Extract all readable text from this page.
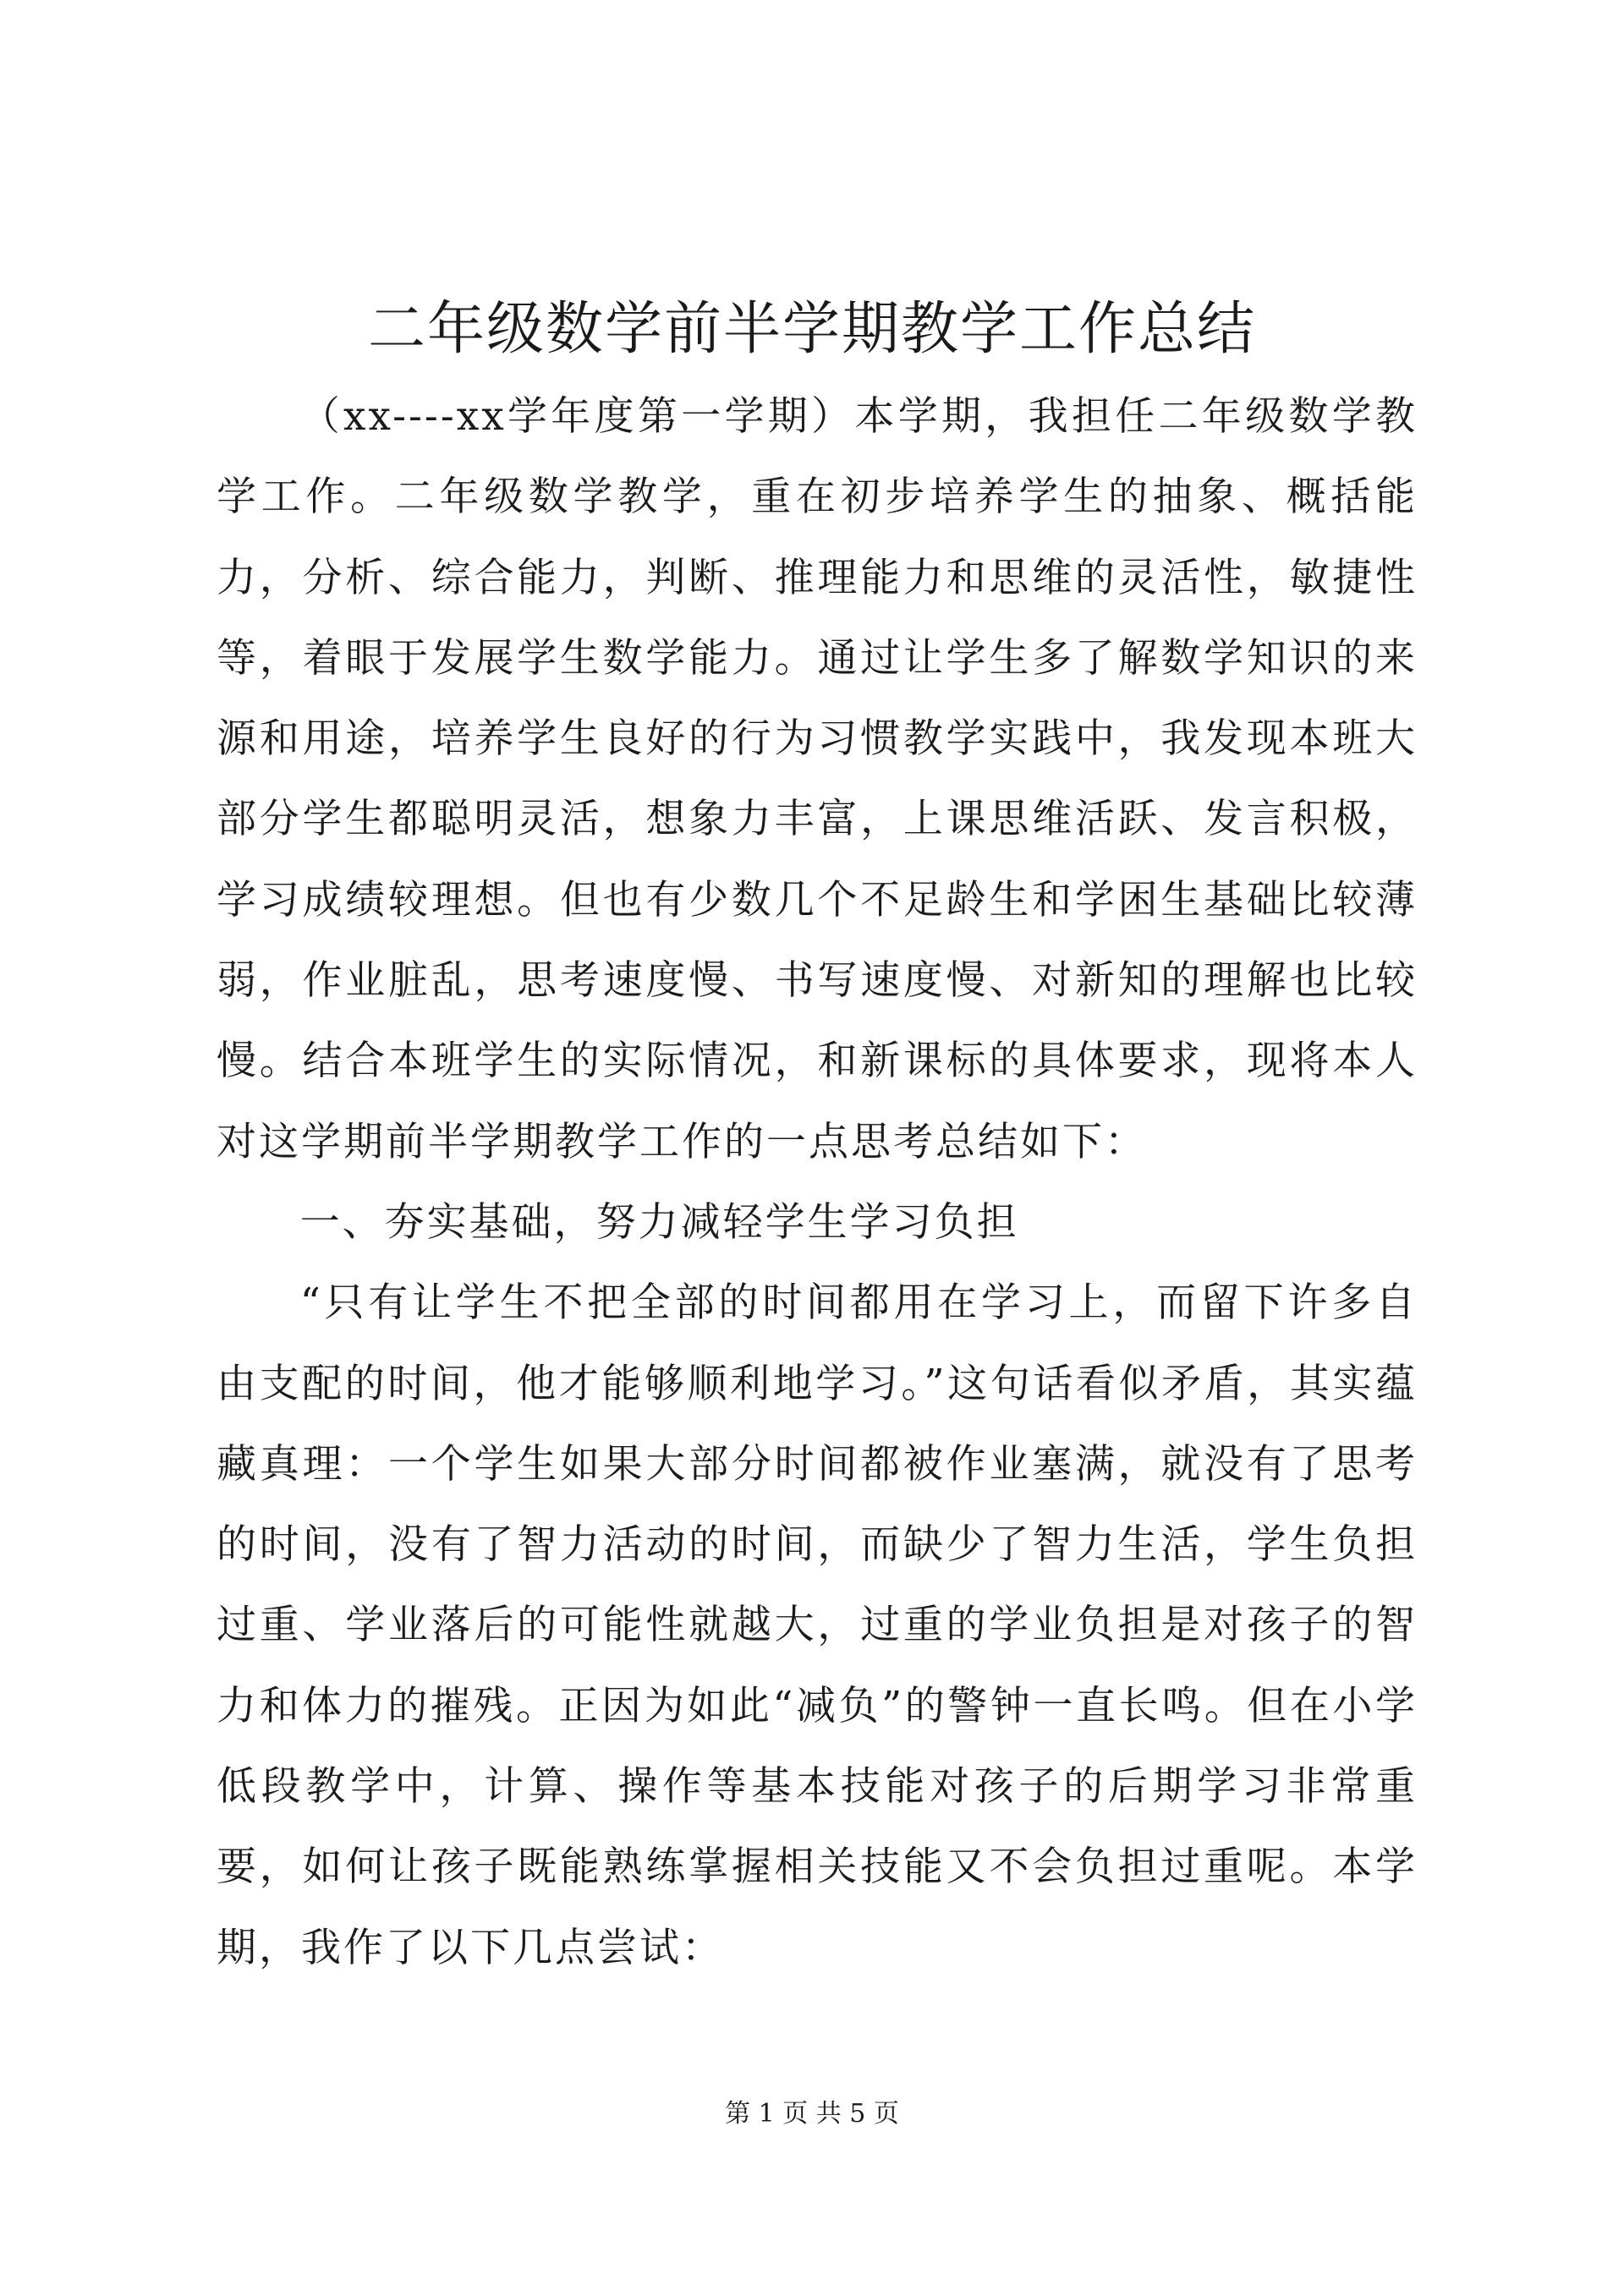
二年级数学前半学期教学工作总结

（xx----xx学年度第一学期）本学期，我担任二年级数学教学工作。二年级数学教学，重在初步培养学生的抽象、概括能力，分析、综合能力，判断、推理能力和思维的灵活性，敏捷性等，着眼于发展学生数学能力。通过让学生多了解数学知识的来源和用途，培养学生良好的行为习惯教学实践中，我发现本班大部分学生都聪明灵活，想象力丰富，上课思维活跃、发言积极，学习成绩较理想。但也有少数几个不足龄生和学困生基础比较薄弱，作业脏乱，思考速度慢、书写速度慢、对新知的理解也比较慢。结合本班学生的实际情况，和新课标的具体要求，现将本人对这学期前半学期教学工作的一点思考总结如下：

一、夯实基础，努力减轻学生学习负担

“只有让学生不把全部的时间都用在学习上，而留下许多自由支配的时间，他才能够顺利地学习。”这句话看似矛盾，其实蕴藏真理：一个学生如果大部分时间都被作业塞满，就没有了思考的时间，没有了智力活动的时间，而缺少了智力生活，学生负担过重、学业落后的可能性就越大，过重的学业负担是对孩子的智力和体力的摧残。正因为如此“减负”的警钟一直长鸣。但在小学低段教学中，计算、操作等基本技能对孩子的后期学习非常重要，如何让孩子既能熟练掌握相关技能又不会负担过重呢。本学期，我作了以下几点尝试：

第 1 页 共 5 页
